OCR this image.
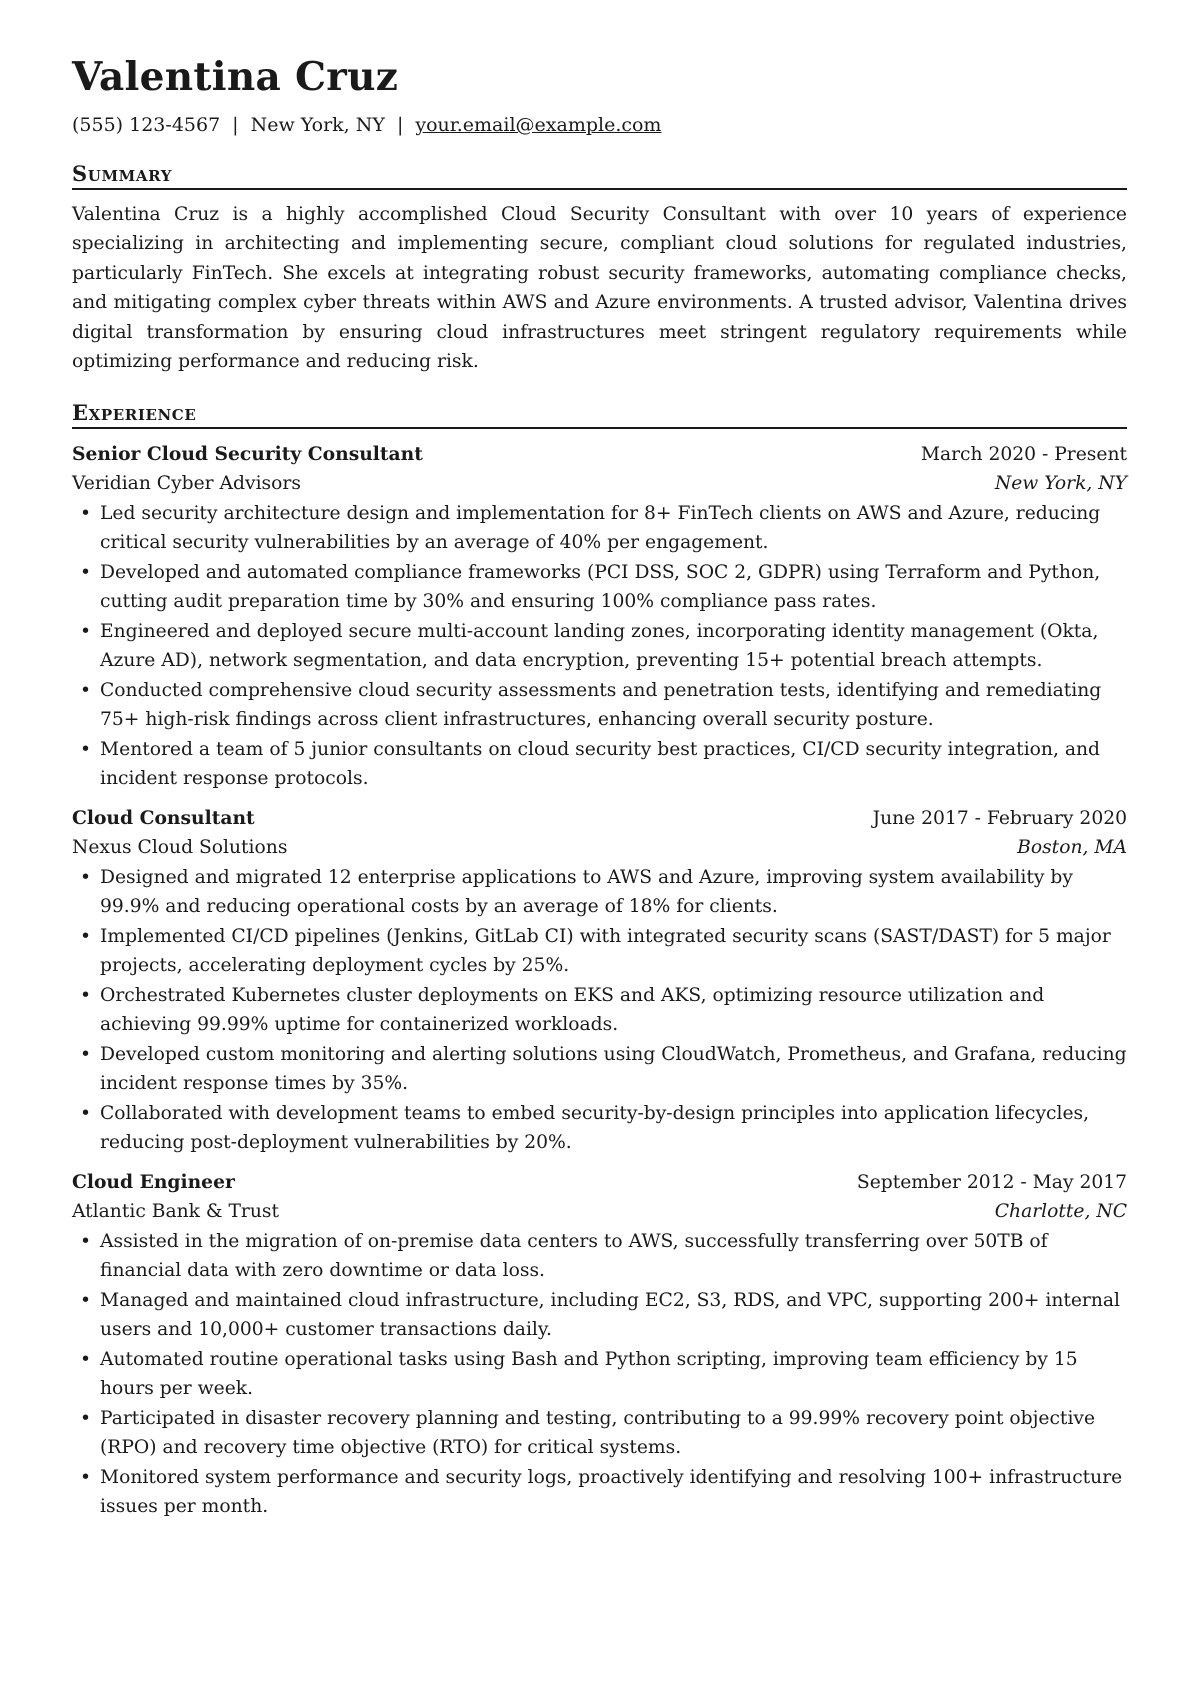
Valentina Cruz
(555) 123-4567 | New York, NY | your.email@example.com
Summary
Valentina Cruz is a highly accomplished Cloud Security Consultant with over 10 years of experience specializing in architecting and implementing secure, compliant cloud solutions for regulated industries, particularly FinTech. She excels at integrating robust security frameworks, automating compliance checks, and mitigating complex cyber threats within AWS and Azure environments. A trusted advisor, Valentina drives digital transformation by ensuring cloud infrastructures meet stringent regulatory requirements while optimizing performance and reducing risk.
Experience
Senior Cloud Security Consultant	March 2020 - Present
Veridian Cyber Advisors	New York, NY
• Led security architecture design and implementation for 8+ FinTech clients on AWS and Azure, reducing critical security vulnerabilities by an average of 40% per engagement.
• Developed and automated compliance frameworks (PCI DSS, SOC 2, GDPR) using Terraform and Python, cutting audit preparation time by 30% and ensuring 100% compliance pass rates.
• Engineered and deployed secure multi-account landing zones, incorporating identity management (Okta, Azure AD), network segmentation, and data encryption, preventing 15+ potential breach attempts.
• Conducted comprehensive cloud security assessments and penetration tests, identifying and remediating 75+ high-risk findings across client infrastructures, enhancing overall security posture.
• Mentored a team of 5 junior consultants on cloud security best practices, CI/CD security integration, and incident response protocols.
Cloud Consultant	June 2017 - February 2020
Nexus Cloud Solutions	Boston, MA
• Designed and migrated 12 enterprise applications to AWS and Azure, improving system availability by 99.9% and reducing operational costs by an average of 18% for clients.
• Implemented CI/CD pipelines (Jenkins, GitLab CI) with integrated security scans (SAST/DAST) for 5 major projects, accelerating deployment cycles by 25%.
• Orchestrated Kubernetes cluster deployments on EKS and AKS, optimizing resource utilization and achieving 99.99% uptime for containerized workloads.
• Developed custom monitoring and alerting solutions using CloudWatch, Prometheus, and Grafana, reducing incident response times by 35%.
• Collaborated with development teams to embed security-by-design principles into application lifecycles, reducing post-deployment vulnerabilities by 20%.
Cloud Engineer	September 2012 - May 2017
Atlantic Bank & Trust	Charlotte, NC
• Assisted in the migration of on-premise data centers to AWS, successfully transferring over 50TB of financial data with zero downtime or data loss.
• Managed and maintained cloud infrastructure, including EC2, S3, RDS, and VPC, supporting 200+ internal users and 10,000+ customer transactions daily.
• Automated routine operational tasks using Bash and Python scripting, improving team efficiency by 15 hours per week.
• Participated in disaster recovery planning and testing, contributing to a 99.99% recovery point objective (RPO) and recovery time objective (RTO) for critical systems.
• Monitored system performance and security logs, proactively identifying and resolving 100+ infrastructure issues per month.
